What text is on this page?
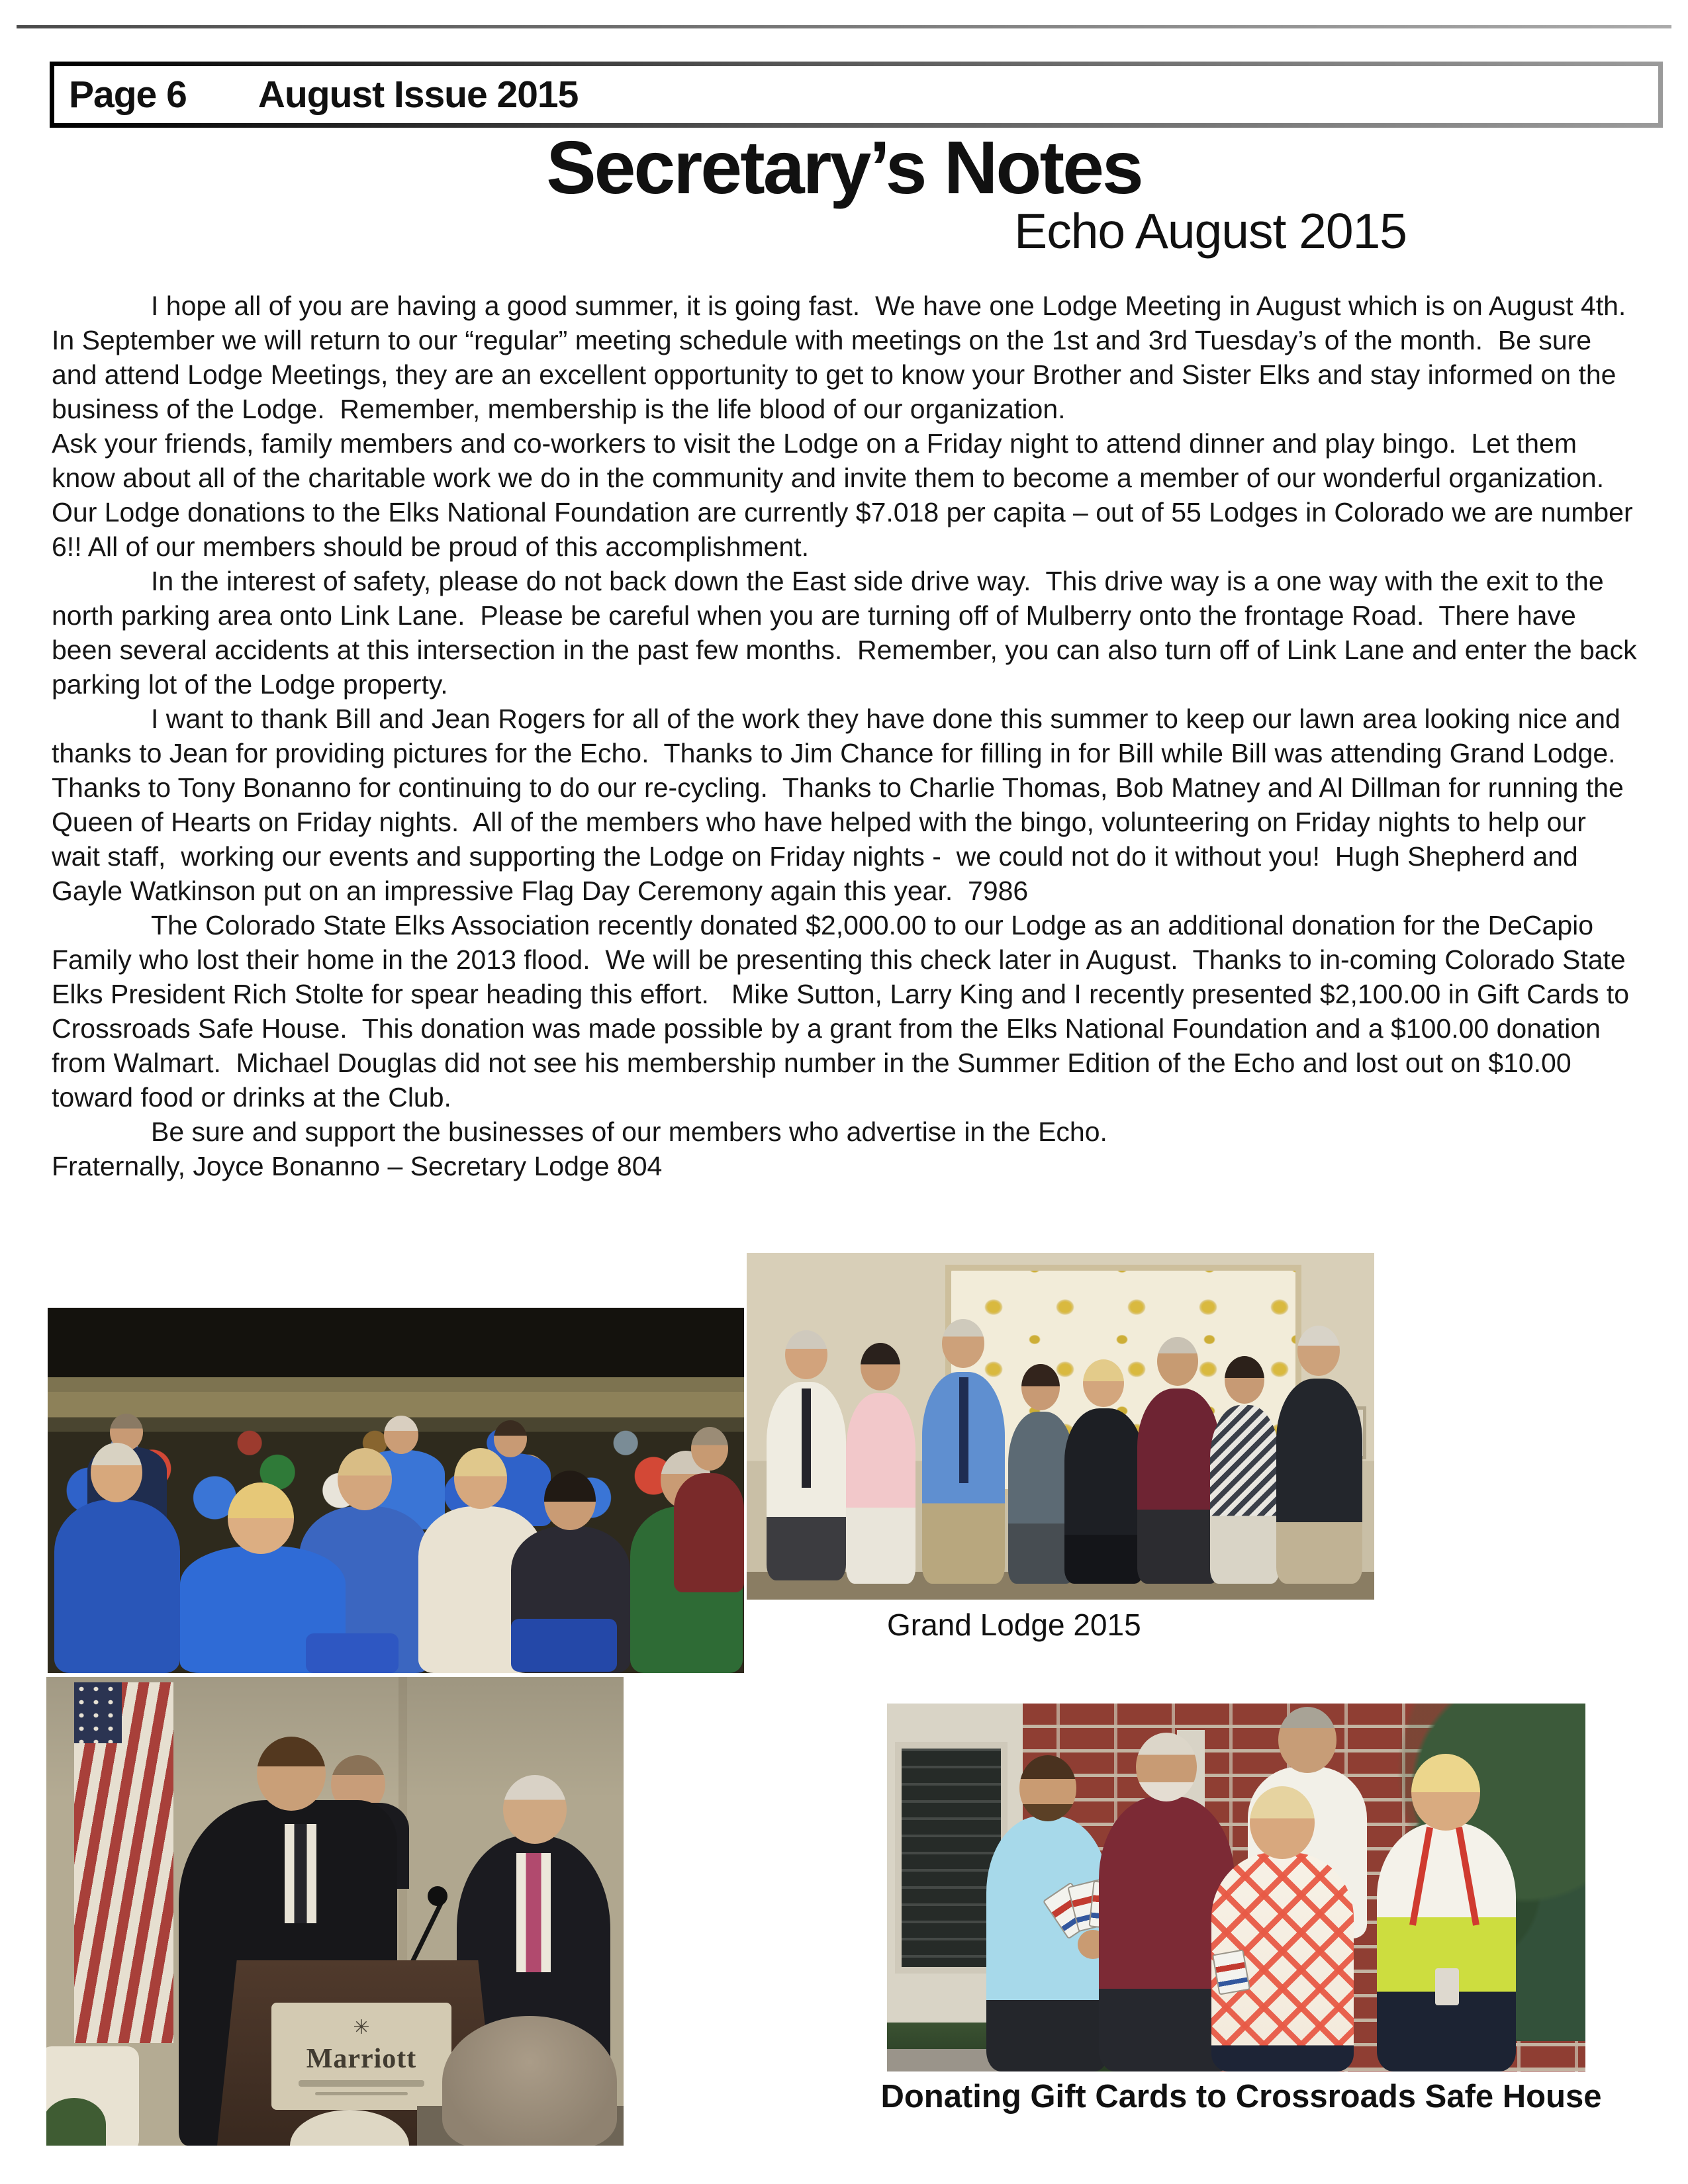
Page 6 August Issue 2015
Secretary’s Notes
Echo August 2015

I hope all of you are having a good summer, it is going fast.  We have one Lodge Meeting in August which is on August 4th.  In September we will return to our “regular” meeting schedule with meetings on the 1st and 3rd Tuesday’s of the month.  Be sure and attend Lodge Meetings, they are an excellent opportunity to get to know your Brother and Sister Elks and stay informed on the business of the Lodge.  Remember, membership is the life blood of our organization.

Ask your friends, family members and co-workers to visit the Lodge on a Friday night to attend dinner and play bingo.  Let them know about all of the charitable work we do in the community and invite them to become a member of our wonderful organization.  Our Lodge donations to the Elks National Foundation are currently $7.018 per capita – out of 55 Lodges in Colorado we are number 6!! All of our members should be proud of this accomplishment.

In the interest of safety, please do not back down the East side drive way.  This drive way is a one way with the exit to the north parking area onto Link Lane.  Please be careful when you are turning off of Mulberry onto the frontage Road.  There have been several accidents at this intersection in the past few months.  Remember, you can also turn off of Link Lane and enter the back parking lot of the Lodge property.

I want to thank Bill and Jean Rogers for all of the work they have done this summer to keep our lawn area looking nice and thanks to Jean for providing pictures for the Echo.  Thanks to Jim Chance for filling in for Bill while Bill was attending Grand Lodge.  Thanks to Tony Bonanno for continuing to do our re-cycling.  Thanks to Charlie Thomas, Bob Matney and Al Dillman for running the Queen of Hearts on Friday nights.  All of the members who have helped with the bingo, volunteering on Friday nights to help our wait staff,  working our events and supporting the Lodge on Friday nights -  we could not do it without you!  Hugh Shepherd and Gayle Watkinson put on an impressive Flag Day Ceremony again this year.  7986

The Colorado State Elks Association recently donated $2,000.00 to our Lodge as an additional donation for the DeCapio Family who lost their home in the 2013 flood.  We will be presenting this check later in August.  Thanks to in-coming Colorado State Elks President Rich Stolte for spear heading this effort.   Mike Sutton, Larry King and I recently presented $2,100.00 in Gift Cards to Crossroads Safe House.  This donation was made possible by a grant from the Elks National Foundation and a $100.00 donation from Walmart.  Michael Douglas did not see his membership number in the Summer Edition of the Echo and lost out on $10.00 toward food or drinks at the Club.

Be sure and support the businesses of our members who advertise in the Echo.

Fraternally, Joyce Bonanno – Secretary Lodge 804

Grand Lodge 2015
✳
Marriott
Donating Gift Cards to Crossroads Safe House
